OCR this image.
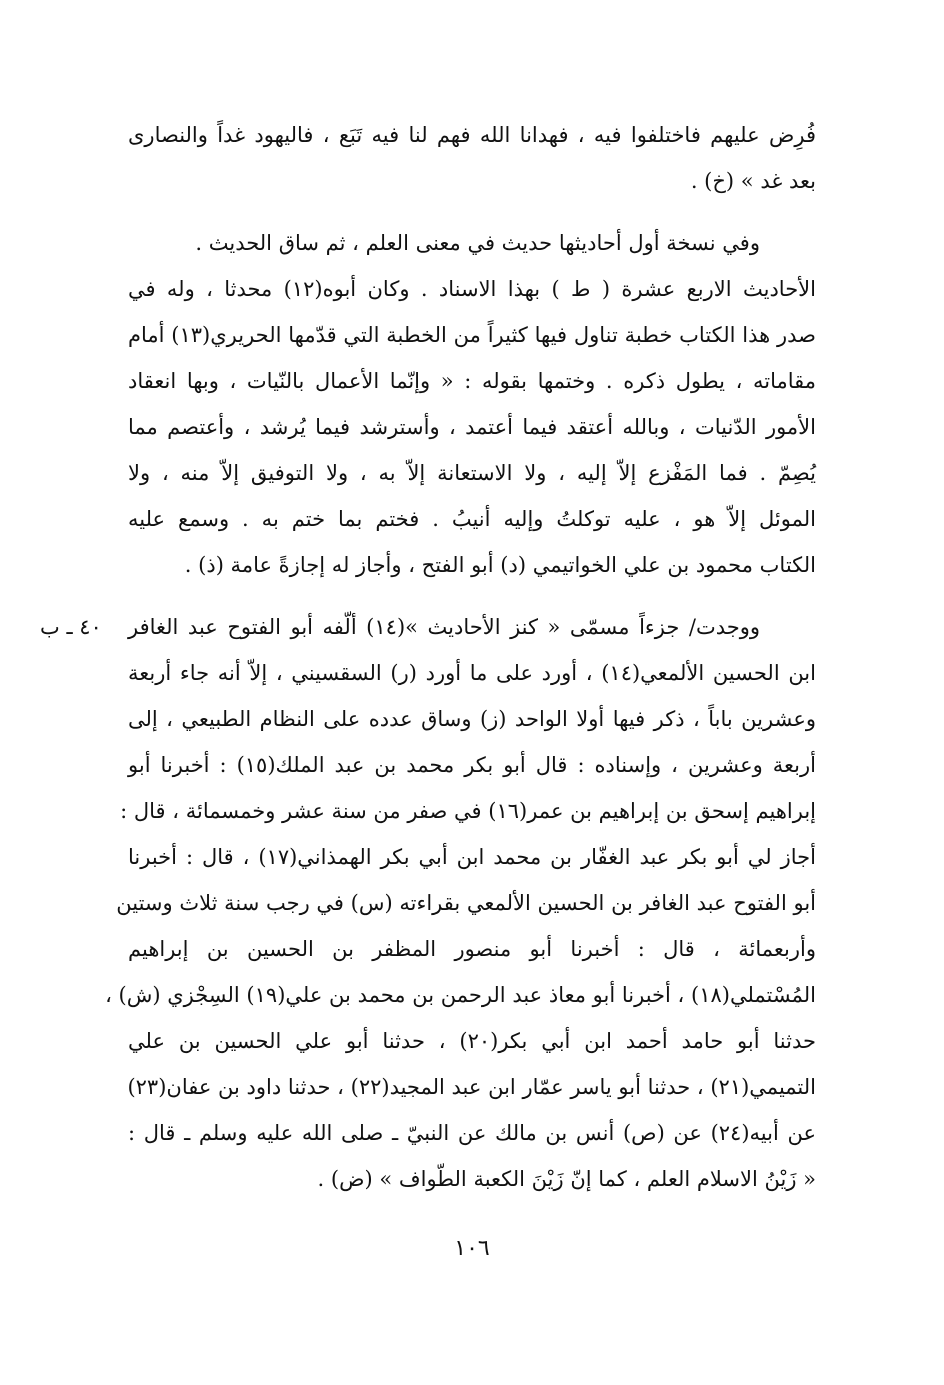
فُرِض عليهم فاختلفوا فيه ، فهدانا الله فهم لنا فيه تَبَع ، فاليهود غداً والنصارى
بعد غد » (خ) .
وفي نسخة أول أحاديثها حديث في معنى العلم ، ثم ساق الحديث .
الأحاديث الاربع عشرة ( ط ) بهذا الاسناد . وكان أبوه(١٢) محدثا ، وله في
صدر هذا الكتاب خطبة تناول فيها كثيراً من الخطبة التي قدّمها الحريري(١٣) أمام
مقاماته ، يطول ذكره . وختمها بقوله : « وإنّما الأعمال بالنّيات ، وبها انعقاد
الأمور الدّنيات ، وبالله أعتقد فيما أعتمد ، وأسترشد فيما يُرشد ، وأعتصم مما
يُصِمّ . فما المَفْزع إلاّ إليه ، ولا الاستعانة إلاّ به ، ولا التوفيق إلاّ منه ، ولا
الموئل إلاّ هو ، عليه توكلتُ وإليه أنيبُ . فختم بما ختم به . وسمع عليه
الكتاب محمود بن علي الخواتيمي (د) أبو الفتح ، وأجاز له إجازةً عامة (ذ) .
٤٠ ـ ب	ووجدت/ جزءاً مسمّى « كنز الأحاديث »(١٤) ألّفه أبو الفتوح عبد الغافر
ابن الحسين الألمعي(١٤) ، أورد على ما أورد (ر) السقسيني ، إلاّ أنه جاء أربعة
وعشرين باباً ، ذكر فيها أولا الواحد (ز) وساق عدده على النظام الطبيعي ، إلى
أربعة وعشرين ، وإسناده : قال أبو بكر محمد بن عبد الملك(١٥) : أخبرنا أبو
إبراهيم إسحق بن إبراهيم بن عمر(١٦) في صفر من سنة عشر وخمسمائة ، قال :
أجاز لي أبو بكر عبد الغفّار بن محمد ابن أبي بكر الهمذاني(١٧) ، قال : أخبرنا
أبو الفتوح عبد الغافر بن الحسين الألمعي بقراءته (س) في رجب سنة ثلاث وستين
وأربعمائة ، قال : أخبرنا أبو منصور المظفر بن الحسين بن إبراهيم
المُسْتملي(١٨) ، أخبرنا أبو معاذ عبد الرحمن بن محمد بن علي(١٩) السِجْزي (ش) ،
حدثنا أبو حامد أحمد ابن أبي بكر(٢٠) ، حدثنا أبو علي الحسين بن علي
التميمي(٢١) ، حدثنا أبو ياسر عمّار ابن عبد المجيد(٢٢) ، حدثنا داود بن عفان(٢٣)
عن أبيه(٢٤) عن (ص) أنس بن مالك عن النبيّ ـ صلى الله عليه وسلم ـ قال :
« زَيْنُ الاسلام العلم ، كما إنّ زَيْنَ الكعبة الطّواف » (ض) .
١٠٦
